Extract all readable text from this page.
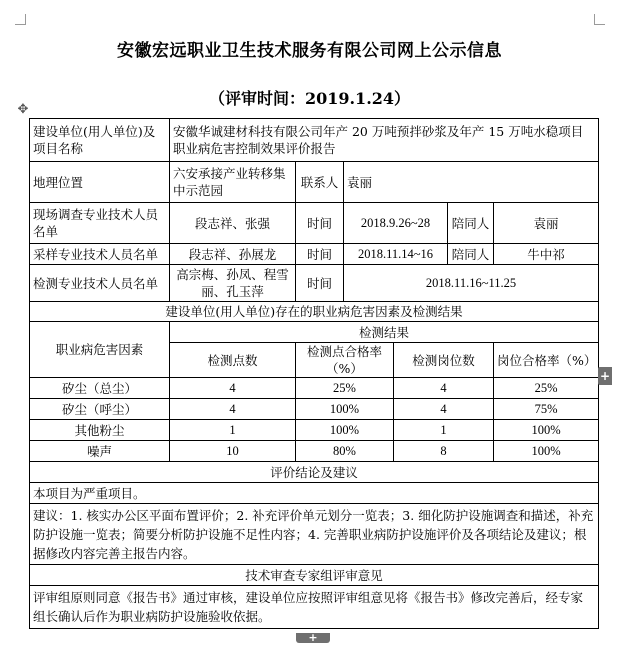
安徽宏远职业卫生技术服务有限公司网上公示信息
（评审时间：2019.1.24）
✥
建设单位(用人单位)及项目名称	安徽华诚建材科技有限公司年产 20 万吨预拌砂浆及年产 15 万吨水稳项目职业病危害控制效果评价报告					
地理位置	六安承接产业转移集中示范园	联系人	袁丽			
现场调查专业技术人员名单	段志祥、张强	时间	2018.9.26~28		陪同人	袁丽
采样专业技术人员名单	段志祥、孙展龙	时间	2018.11.14~16		陪同人	牛中祁
检测专业技术人员名单	高宗梅、孙凤、程雪丽、孔玉萍	时间	2018.11.16~11.25			
建设单位(用人单位)存在的职业病危害因素及检测结果						
职业病危害因素	检测结果					
	检测点数	检测点合格率（%）		检测岗位数		岗位合格率（%）
矽尘（总尘）	4	25%		4		25%
矽尘（呼尘）	4	100%		4		75%
其他粉尘	1	100%		1		100%
噪声	10	80%		8		100%
评价结论及建议						
本项目为严重项目。						
建议：1. 核实办公区平面布置评价；2. 补充评价单元划分一览表；3. 细化防护设施调查和描述，补充防护设施一览表；简要分析防护设施不足性内容；4. 完善职业病防护设施评价及各项结论及建议；根据修改内容完善主报告内容。						
技术审查专家组评审意见						
评审组原则同意《报告书》通过审核，建设单位应按照评审组意见将《报告书》修改完善后，经专家组长确认后作为职业病防护设施验收依据。						
+
+
